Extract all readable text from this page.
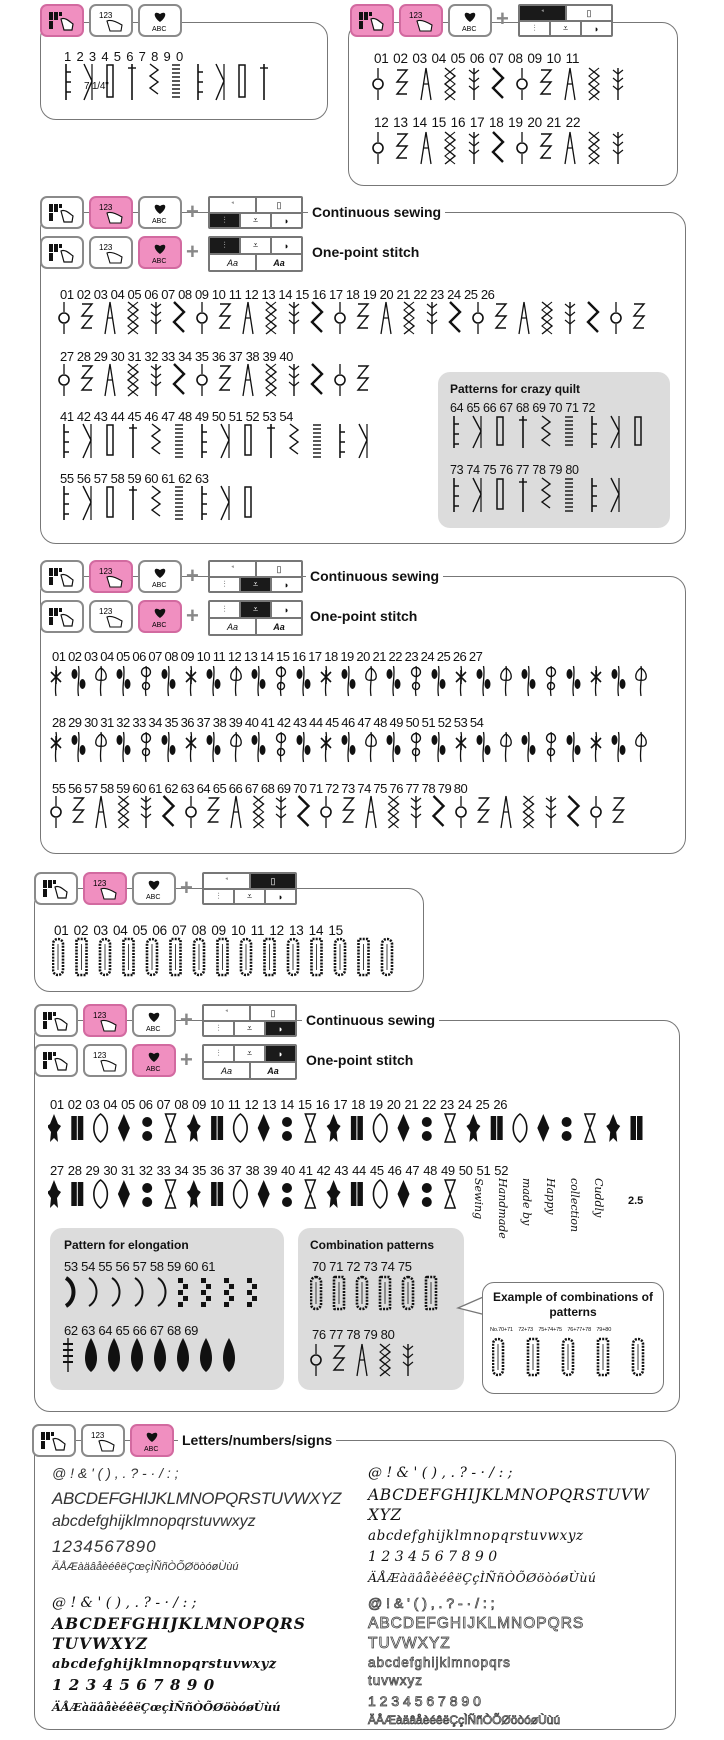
123
ABC
1 2 3 4 5 6 7 8 9 0
7 1/4"
123
ABC +	▯
⫶	⩡	◗
01 02 03 04 05 06 07 08 09 10 11
12 13 14 15 16 17 18 19 20 21 22
123
ABC +	▯
⫶	⩡	◗
Continuous sewing
123
ABC +	⫶	⩡	◗
Aa	Aa
One-point stitch
01 02 03 04 05 06 07 08 09 10 11 12 13 14 15 16 17 18 19 20 21 22 23 24 25 26
27 28 29 30 31 32 33 34 35 36 37 38 39 40
41 42 43 44 45 46 47 48 49 50 51 52 53 54
55 56 57 58 59 60 61 62 63
Patterns for crazy quilt
64 65 66 67 68 69 70 71 72
73 74 75 76 77 78 79 80
123
ABC +	▯
⫶	⩡	◗
Continuous sewing
123
ABC +	⫶	⩡	◗
Aa	Aa
One-point stitch
01 02 03 04 05 06 07 08 09 10 11 12 13 14 15 16 17 18 19 20 21 22 23 24 25 26 27
28 29 30 31 32 33 34 35 36 37 38 39 40 41 42 43 44 45 46 47 48 49 50 51 52 53 54
55 56 57 58 59 60 61 62 63 64 65 66 67 68 69 70 71 72 73 74 75 76 77 78 79 80
123
ABC +	▯
⫶	⩡	◗
01 02 03 04 05 06 07 08 09 10 11 12 13 14 15
123
ABC +	▯
⫶	⩡	◗
Continuous sewing
123
ABC +	⫶	⩡	◗
Aa	Aa
One-point stitch
01 02 03 04 05 06 07 08 09 10 11 12 13 14 15 16 17 18 19 20 21 22 23 24 25 26
27 28 29 30 31 32 33 34 35 36 37 38 39 40 41 42 43 44 45 46 47 48 49 50 51 52
Sewing Handmade made by Happy collection Cuddly 2.5
Pattern for elongation
53 54 55 56 57 58 59 60 61
62 63 64 65 66 67 68 69
Combination patterns
70 71 72 73 74 75
76 77 78 79 80
Example of combinations of patterns
No.70+71    72+73    75​+74+75    76+77+78    79+80
123
ABC
Letters/numbers/signs
@ ! & ' ( ) , . ? - · / : ;
ABCDEFGHIJKLMNOPQRSTUVWXYZ
abcdefghijklmnopqrstuvwxyz
1234567890
ÄÅÆàäâåèéêëÇœçÌÑñÒÕØöòóøÙùú
@ ! & ' ( ) , . ? - · / : ;
ABCDEFGHIJKLMNOPQRSTUVW
XYZ
abcdefghijklmnopqrstuvwxyz
1 2 3 4 5 6 7 8 9 0
ÄÅÆàäâåèéêëÇçÌÑñÒÕØöòóøÙùú
@ ! & ' ( ) , . ? - · / : ;
ABCDEFGHIJKLMNOPQRS
TUVWXYZ
abcdefghijklmnopqrstuvwxyz
1 2 3 4 5 6 7 8 9 0
ÄÅÆàäâåèéêëÇœçÌÑñÒÕØöòóøÙùú
@ ! & ' ( ) , . ? - · / : ;
ABCDEFGHIJKLMNOPQRS
TUVWXYZ
abcdefghijklmnopqrs
tuvwxyz
1 2 3 4 5 6 7 8 9 0
ÄÅÆàäâåèéêëÇçÌÑñÒÕØöòóøÙùú
